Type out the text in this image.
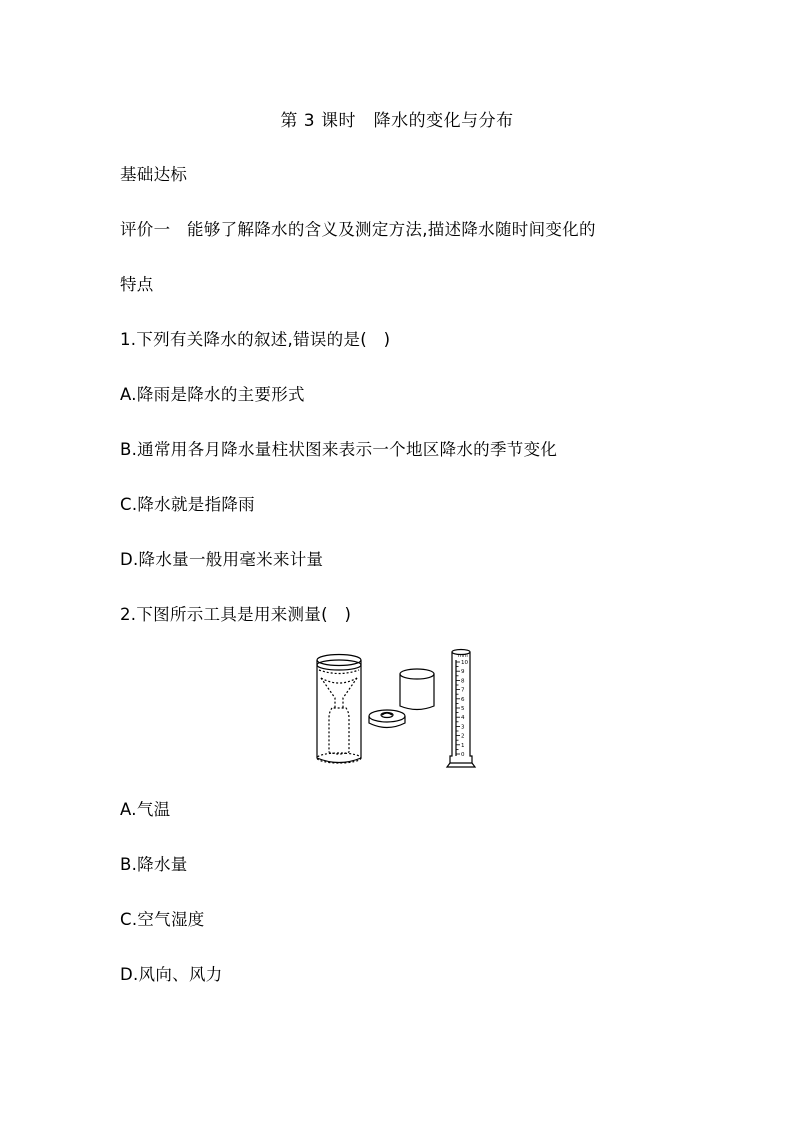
第 3 课时   降水的变化与分布
基础达标
评价一   能够了解降水的含义及测定方法,描述降水随时间变化的
特点
1.下列有关降水的叙述,错误的是(   )
A.降雨是降水的主要形式
B.通常用各月降水量柱状图来表示一个地区降水的季节变化
C.降水就是指降雨
D.降水量一般用毫米来计量
2.下图所示工具是用来测量(   )
10
9
8
7
6
5
4
3
2
1
0
mm
A.气温
B.降水量
C.空气湿度
D.风向、风力
